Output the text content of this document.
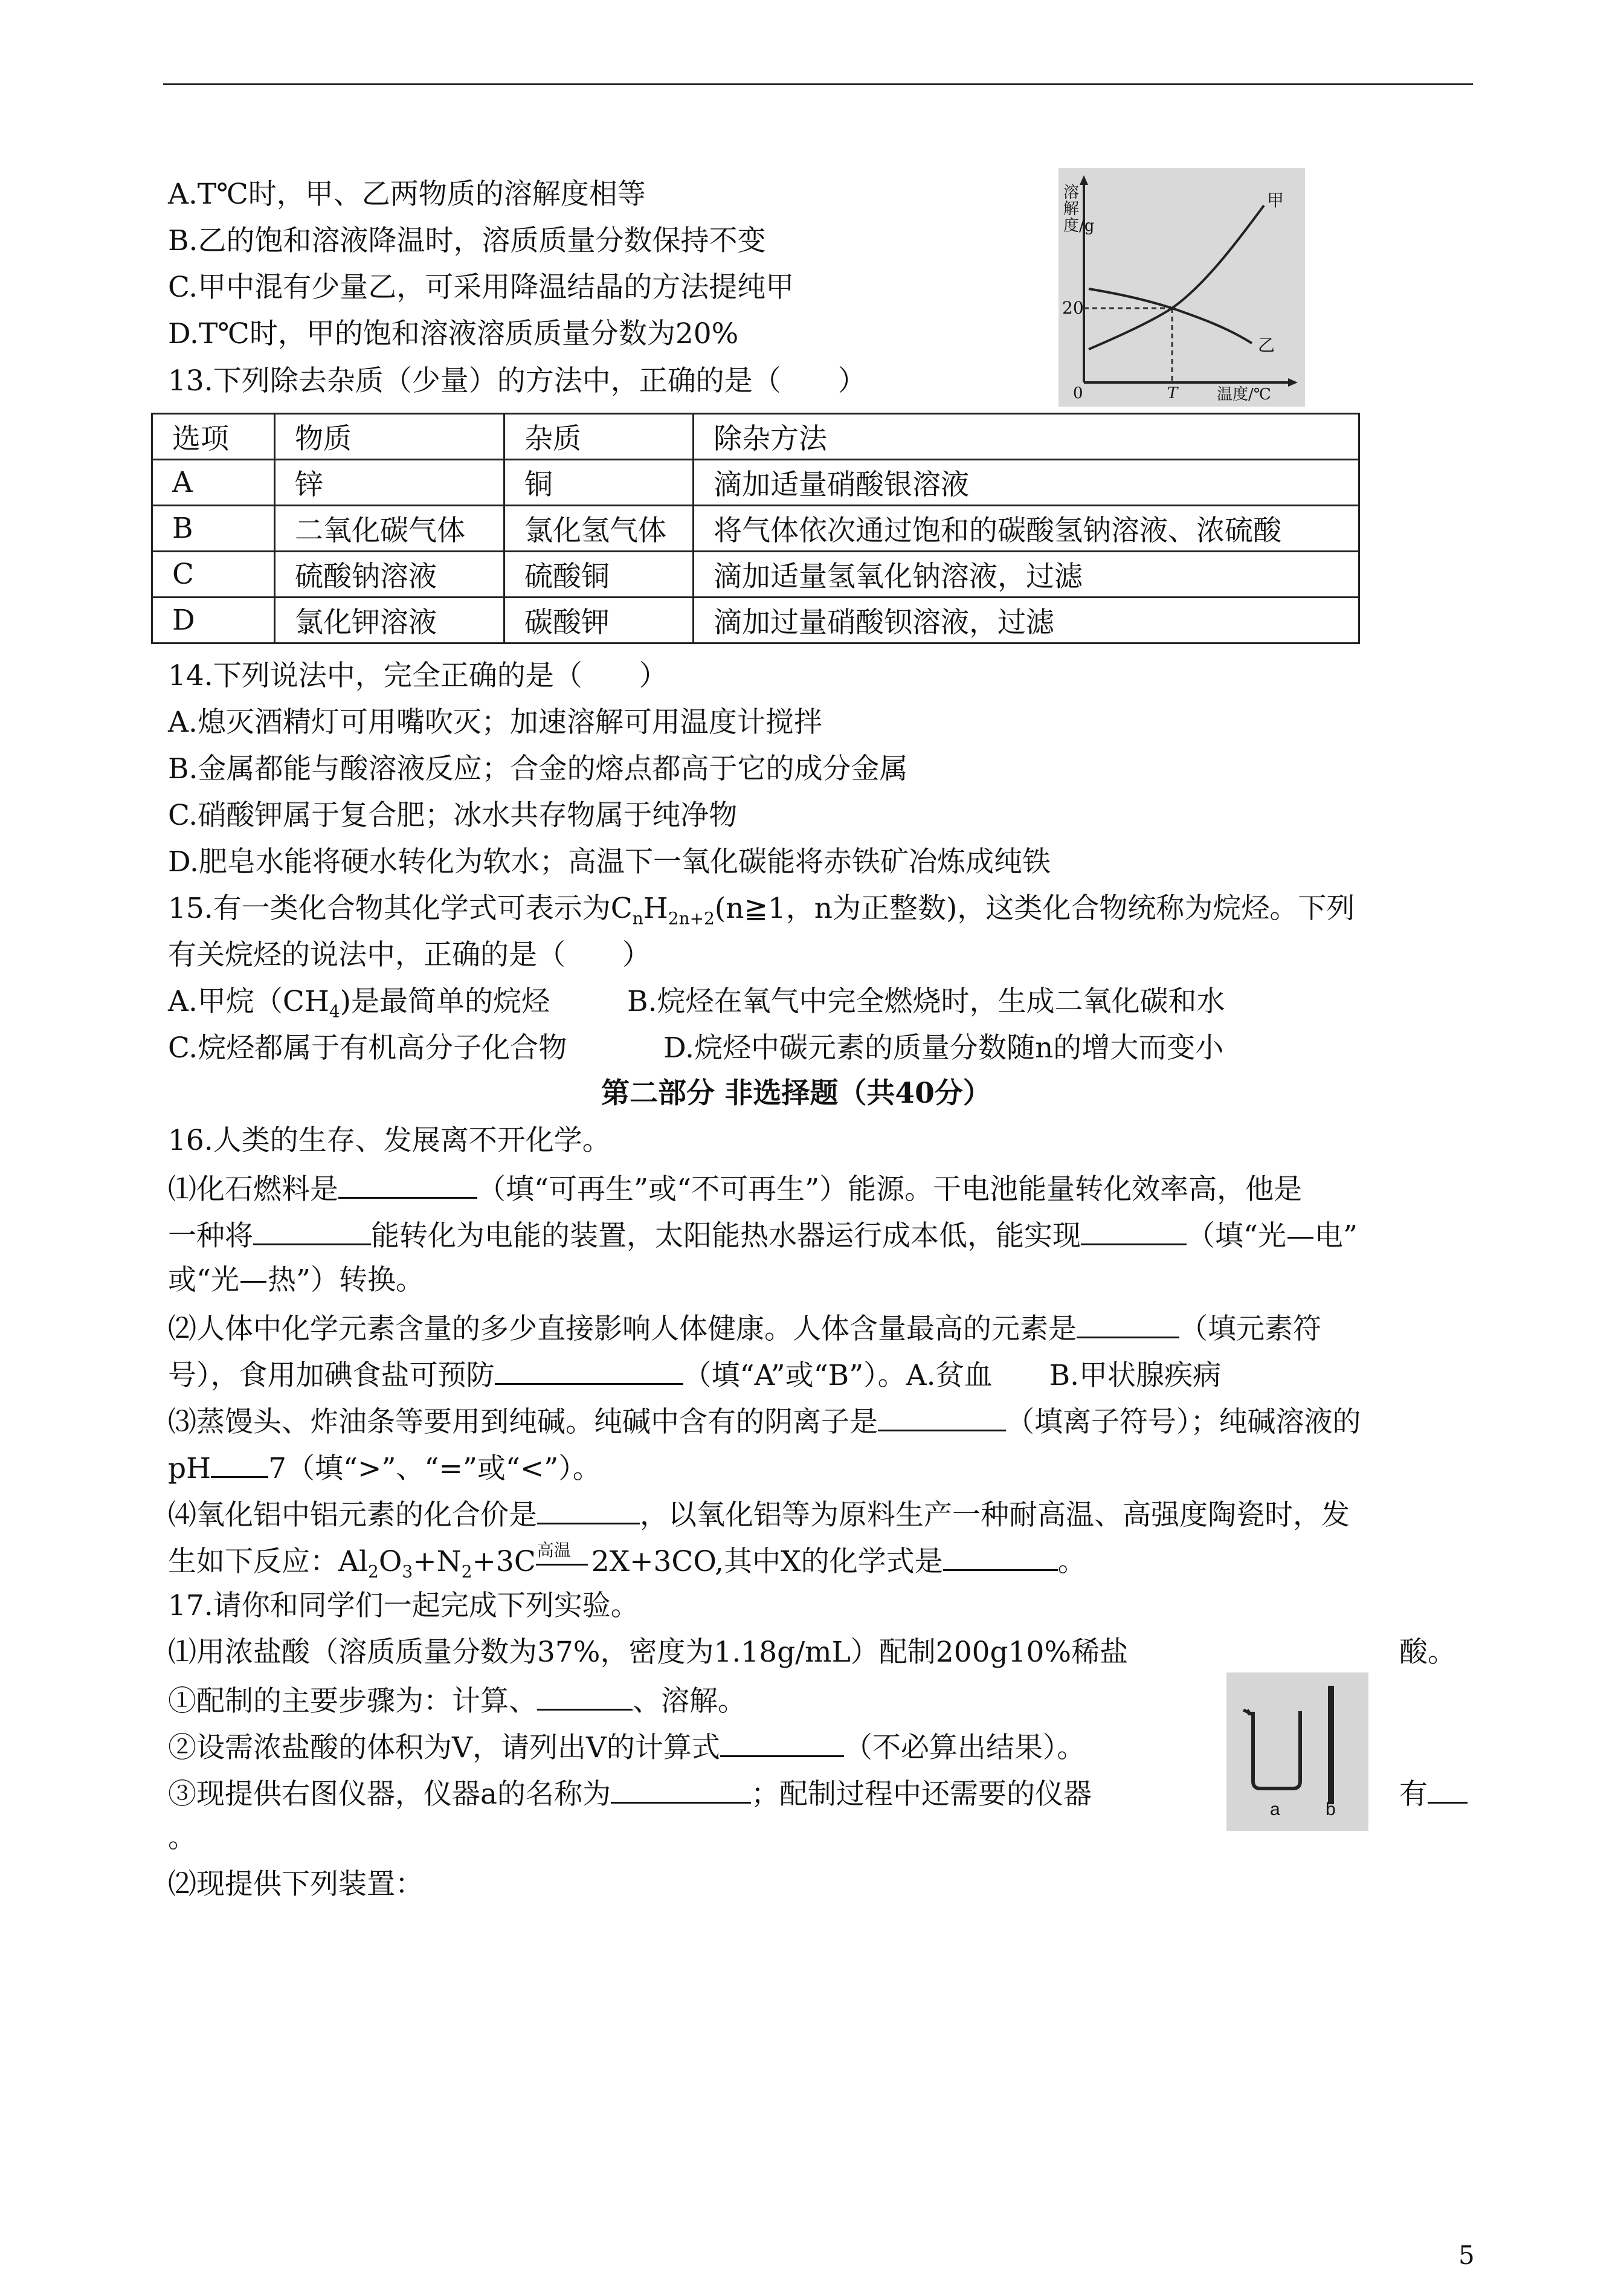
A.T℃时，甲、乙两物质的溶解度相等
B.乙的饱和溶液降温时，溶质质量分数保持不变
C.甲中混有少量乙，可采用降温结晶的方法提纯甲
D.T℃时，甲的饱和溶液溶质质量分数为20%
溶解度/g
20
0	T 温度/℃
甲
乙
13.下列除去杂质（少量）的方法中，正确的是（　　）
选项	物质	杂质	除杂方法
A	锌	铜	滴加适量硝酸银溶液
B	二氧化碳气体	氯化氢气体	将气体依次通过饱和的碳酸氢钠溶液、浓硫酸
C	硫酸钠溶液	硫酸铜	滴加适量氢氧化钠溶液，过滤
D	氯化钾溶液	碳酸钾	滴加过量硝酸钡溶液，过滤
14.下列说法中，完全正确的是（　　）
A.熄灭酒精灯可用嘴吹灭；加速溶解可用温度计搅拌
B.金属都能与酸溶液反应；合金的熔点都高于它的成分金属
C.硝酸钾属于复合肥；冰水共存物属于纯净物
D.肥皂水能将硬水转化为软水；高温下一氧化碳能将赤铁矿冶炼成纯铁
15.有一类化合物其化学式可表示为$C_nH_{2n+2}(n≧1$，n为正整数)，这类化合物统称为烷烃。下列
有关烷烃的说法中，正确的是（　　）
A.甲烷$(CH_4)$是最简单的烷烃	B.烷烃在氧气中完全燃烧时，生成二氧化碳和水
C.烷烃都属于有机高分子化合物	D.烷烃中碳元素的质量分数随n的增大而变小
第二部分 非选择题（共40分）
16.人类的生存、发展离不开化学。
⑴化石燃料是	（填“可再生”或“不可再生”）能源。干电池能量转化效率高，他是
一种将	能转化为电能的装置，太阳能热水器运行成本低，能实现	（填“光—电”
或“光—热”）转换。
⑵人体中化学元素含量的多少直接影响人体健康。人体含量最高的元素是	（填元素符
号），食用加碘食盐可预防	（填“A”或“B”）。A.贫血　　B.甲状腺疾病
⑶蒸馒头、炸油条等要用到纯碱。纯碱中含有的阴离子是	（填离子符号）；纯碱溶液的
pH 7（填“>”、“=”或“<”）。
⑷氧化铝中铝元素的化合价是	，以氧化铝等为原料生产一种耐高温、高强度陶瓷时，发
生如下反应：$Al_2O_3+N_2+3C$ 高温 2X+3CO,其中X的化学式是	。
17.请你和同学们一起完成下列实验。
⑴用浓盐酸（溶质质量分数为37%，密度为1.18g/mL）配制200g10%稀盐	酸。
①配制的主要步骤为：计算、	、溶解。
②设需浓盐酸的体积为V，请列出V的计算式	（不必算出结果）。
③现提供右图仪器，仪器a的名称为	；配制过程中还需要的仪器	有
。
a	b
⑵现提供下列装置：
5
